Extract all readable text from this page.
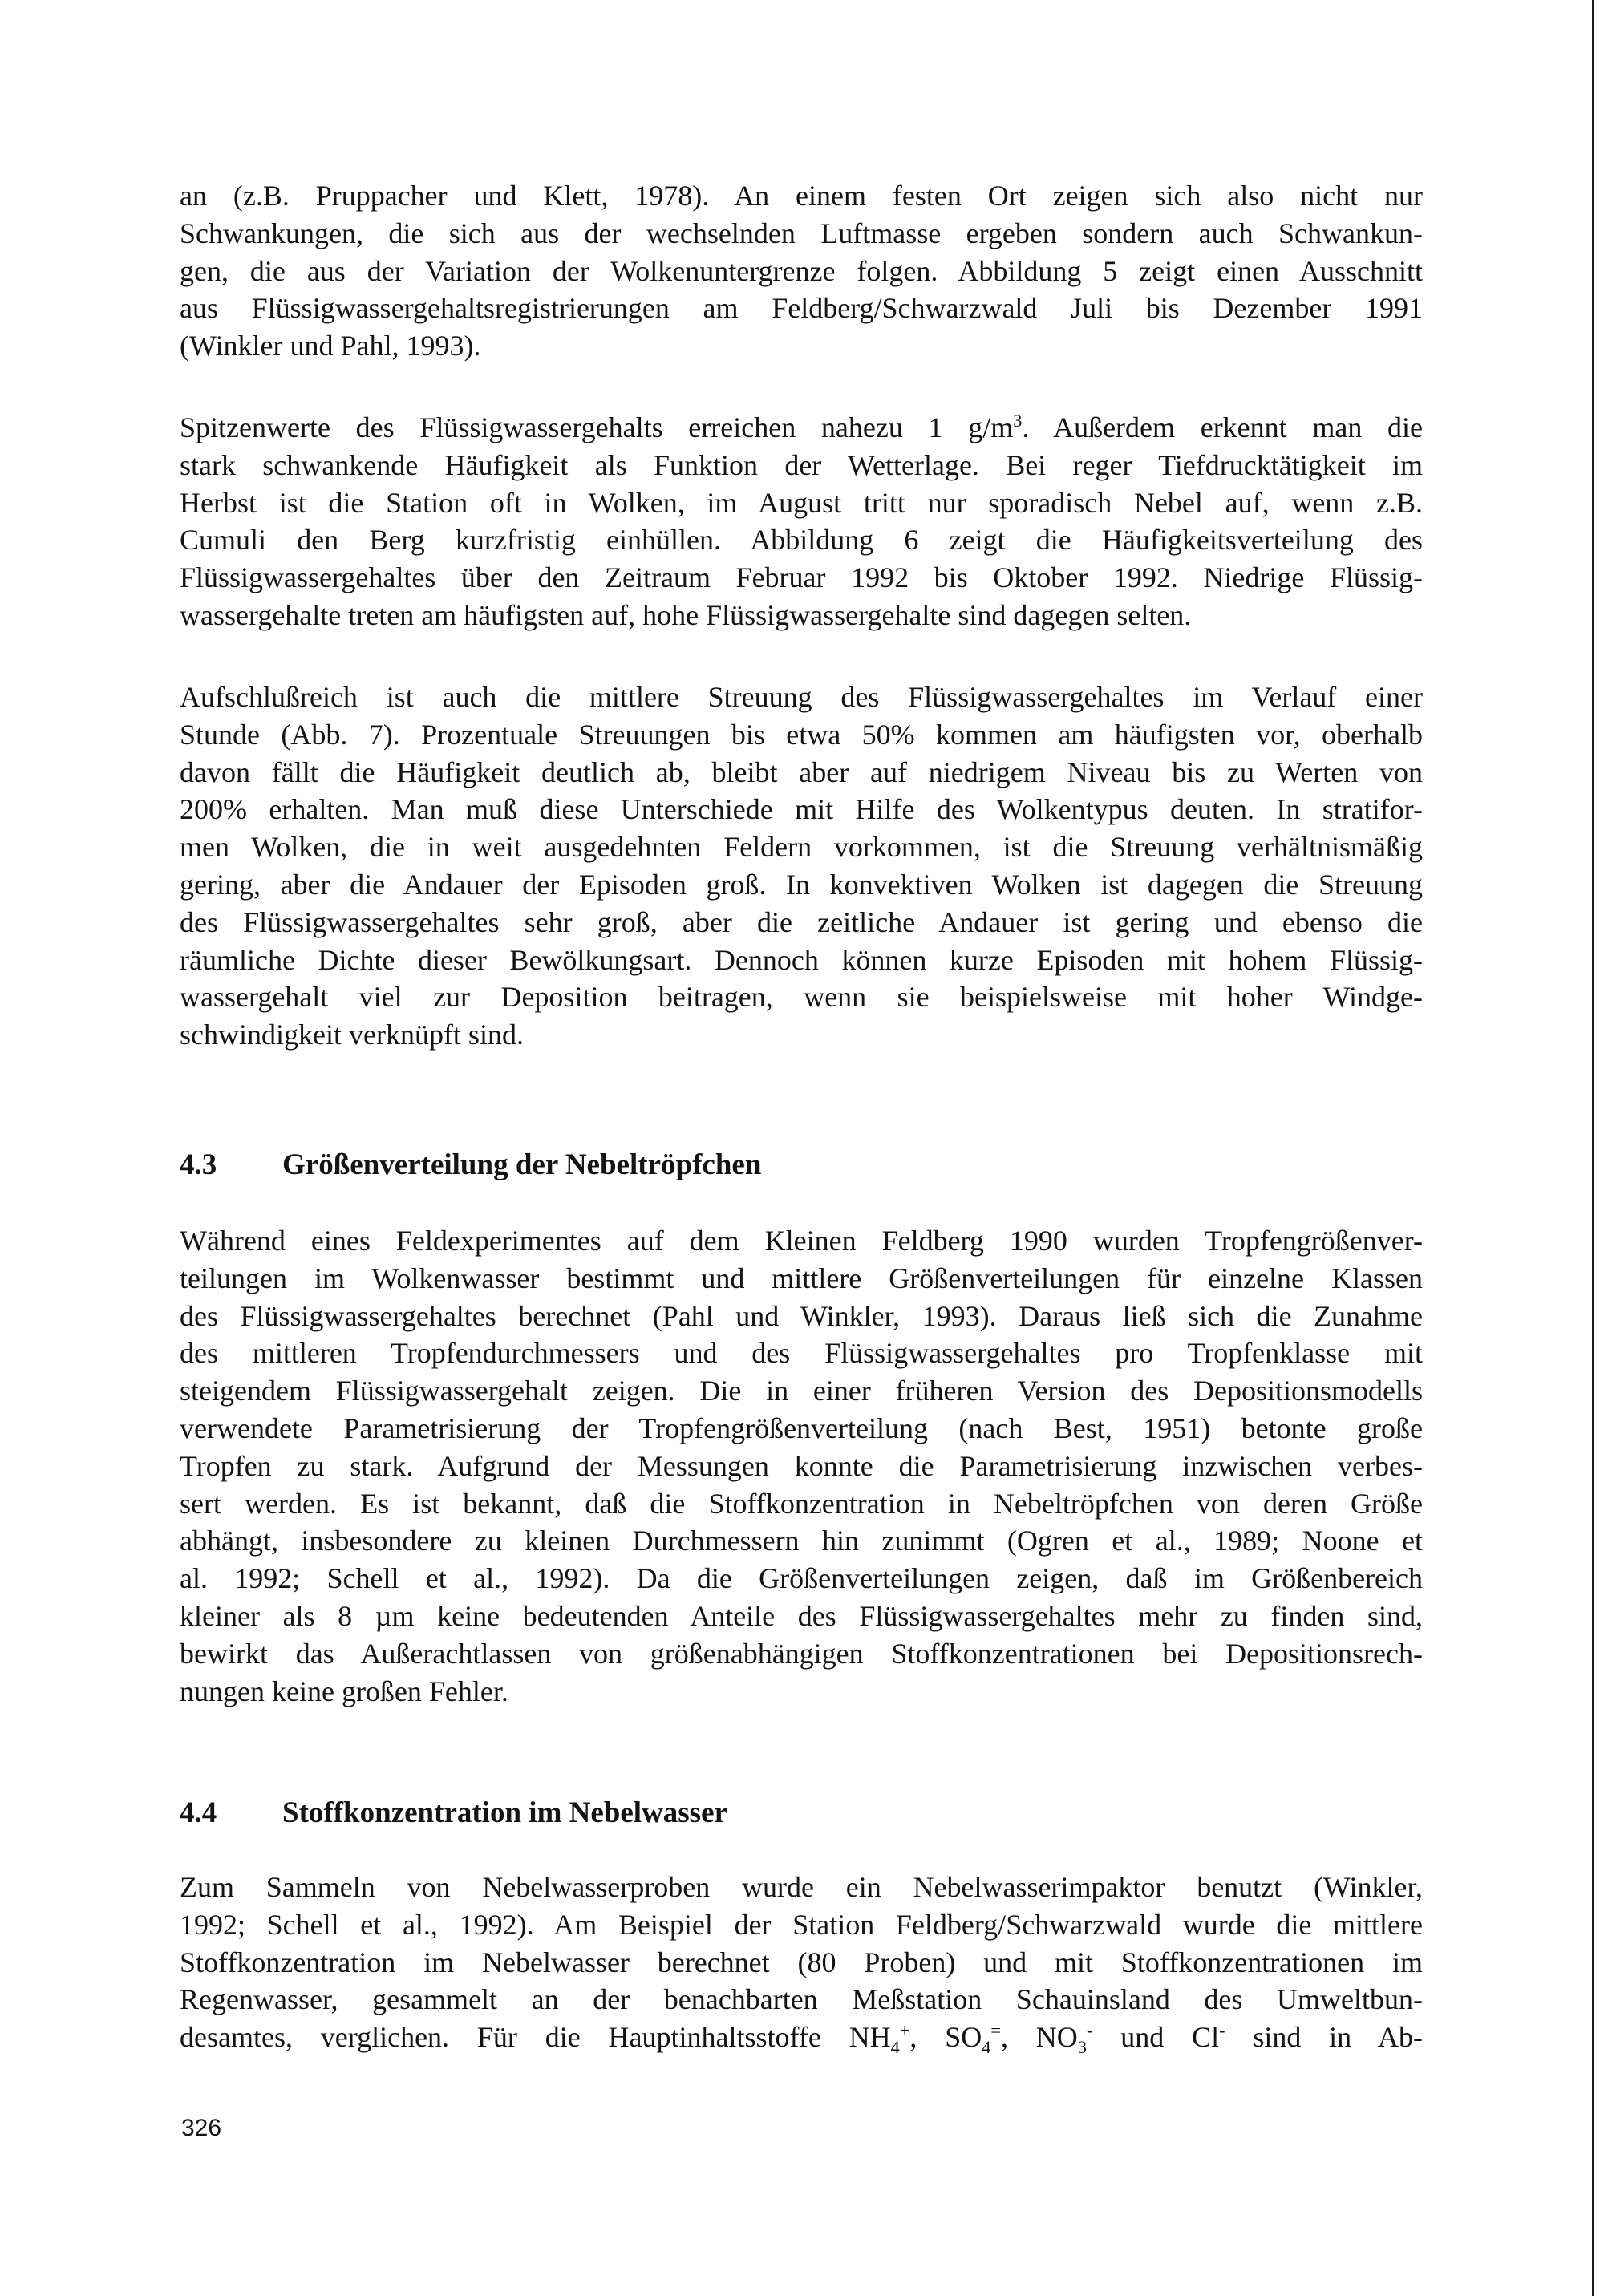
an (z.B. Pruppacher und Klett, 1978). An einem festen Ort zeigen sich also nicht nur
Schwankungen, die sich aus der wechselnden Luftmasse ergeben sondern auch Schwankun-
gen, die aus der Variation der Wolkenuntergrenze folgen. Abbildung 5 zeigt einen Ausschnitt
aus Flüssigwassergehaltsregistrierungen am Feldberg/Schwarzwald Juli bis Dezember 1991
(Winkler und Pahl, 1993).
Spitzenwerte des Flüssigwassergehalts erreichen nahezu 1 $g/m^3$. Außerdem erkennt man die
stark schwankende Häufigkeit als Funktion der Wetterlage. Bei reger Tiefdrucktätigkeit im
Herbst ist die Station oft in Wolken, im August tritt nur sporadisch Nebel auf, wenn z.B.
Cumuli den Berg kurzfristig einhüllen. Abbildung 6 zeigt die Häufigkeitsverteilung des
Flüssigwassergehaltes über den Zeitraum Februar 1992 bis Oktober 1992. Niedrige Flüssig-
wassergehalte treten am häufigsten auf, hohe Flüssigwassergehalte sind dagegen selten.
Aufschlußreich ist auch die mittlere Streuung des Flüssigwassergehaltes im Verlauf einer
Stunde (Abb. 7). Prozentuale Streuungen bis etwa 50% kommen am häufigsten vor, oberhalb
davon fällt die Häufigkeit deutlich ab, bleibt aber auf niedrigem Niveau bis zu Werten von
200% erhalten. Man muß diese Unterschiede mit Hilfe des Wolkentypus deuten. In stratifor-
men Wolken, die in weit ausgedehnten Feldern vorkommen, ist die Streuung verhältnismäßig
gering, aber die Andauer der Episoden groß. In konvektiven Wolken ist dagegen die Streuung
des Flüssigwassergehaltes sehr groß, aber die zeitliche Andauer ist gering und ebenso die
räumliche Dichte dieser Bewölkungsart. Dennoch können kurze Episoden mit hohem Flüssig-
wassergehalt viel zur Deposition beitragen, wenn sie beispielsweise mit hoher Windge-
schwindigkeit verknüpft sind.
4.3 Größenverteilung der Nebeltröpfchen
Während eines Feldexperimentes auf dem Kleinen Feldberg 1990 wurden Tropfengrößenver-
teilungen im Wolkenwasser bestimmt und mittlere Größenverteilungen für einzelne Klassen
des Flüssigwassergehaltes berechnet (Pahl und Winkler, 1993). Daraus ließ sich die Zunahme
des mittleren Tropfendurchmessers und des Flüssigwassergehaltes pro Tropfenklasse mit
steigendem Flüssigwassergehalt zeigen. Die in einer früheren Version des Depositionsmodells
verwendete Parametrisierung der Tropfengrößenverteilung (nach Best, 1951) betonte große
Tropfen zu stark. Aufgrund der Messungen konnte die Parametrisierung inzwischen verbes-
sert werden. Es ist bekannt, daß die Stoffkonzentration in Nebeltröpfchen von deren Größe
abhängt, insbesondere zu kleinen Durchmessern hin zunimmt (Ogren et al., 1989; Noone et
al. 1992; Schell et al., 1992). Da die Größenverteilungen zeigen, daß im Größenbereich
kleiner als 8 µm keine bedeutenden Anteile des Flüssigwassergehaltes mehr zu finden sind,
bewirkt das Außerachtlassen von größenabhängigen Stoffkonzentrationen bei Depositionsrech-
nungen keine großen Fehler.
4.4 Stoffkonzentration im Nebelwasser
Zum Sammeln von Nebelwasserproben wurde ein Nebelwasserimpaktor benutzt (Winkler,
1992; Schell et al., 1992). Am Beispiel der Station Feldberg/Schwarzwald wurde die mittlere
Stoffkonzentration im Nebelwasser berechnet (80 Proben) und mit Stoffkonzentrationen im
Regenwasser, gesammelt an der benachbarten Meßstation Schauinsland des Umweltbun-
desamtes, verglichen. Für die Hauptinhaltsstoffe $NH_4^+$, $SO_4^=$, $NO_3^-$ und Cl- sind in Ab-

326
